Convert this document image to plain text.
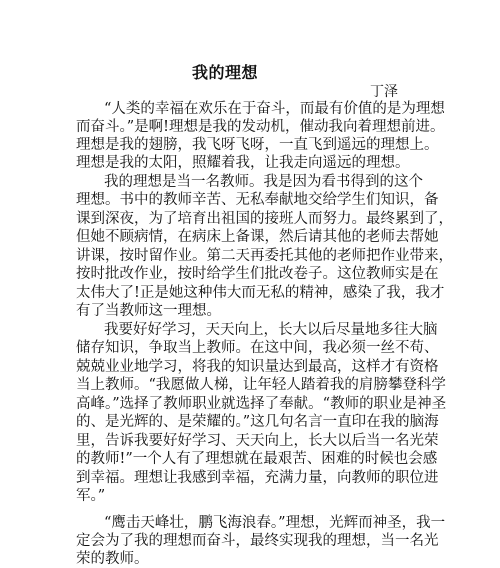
我的理想
丁泽
“人类的幸福在欢乐在于奋斗，而最有价值的是为理想
而奋斗。”是啊!理想是我的发动机，催动我向着理想前进。
理想是我的翅膀，我飞呀飞呀，一直飞到遥远的理想上。
理想是我的太阳，照耀着我，让我走向遥远的理想。
我的理想是当一名教师。我是因为看书得到的这个
理想。书中的教师辛苦、无私奉献地交给学生们知识，备
课到深夜，为了培育出祖国的接班人而努力。最终累到了，
但她不顾病情，在病床上备课，然后请其他的老师去帮她
讲课，按时留作业。第二天再委托其他的老师把作业带来，
按时批改作业，按时给学生们批改卷子。这位教师实是在
太伟大了!正是她这种伟大而无私的精神，感染了我，我才
有了当教师这一理想。
我要好好学习，天天向上，长大以后尽量地多往大脑
储存知识，争取当上教师。在这中间，我必须一丝不苟、
兢兢业业地学习，将我的知识量达到最高，这样才有资格
当上教师。“我愿做人梯，让年轻人踏着我的肩膀攀登科学
高峰。”选择了教师职业就选择了奉献。“教师的职业是神圣
的、是光辉的、是荣耀的。”这几句名言一直印在我的脑海
里，告诉我要好好学习、天天向上，长大以后当一名光荣
的教师!”一个人有了理想就在最艰苦、困难的时候也会感
到幸福。理想让我感到幸福，充满力量，向教师的职位进
军。”
“鹰击天峰壮，鹏飞海浪春。”理想，光辉而神圣，我一
定会为了我的理想而奋斗，最终实现我的理想，当一名光
荣的教师。
